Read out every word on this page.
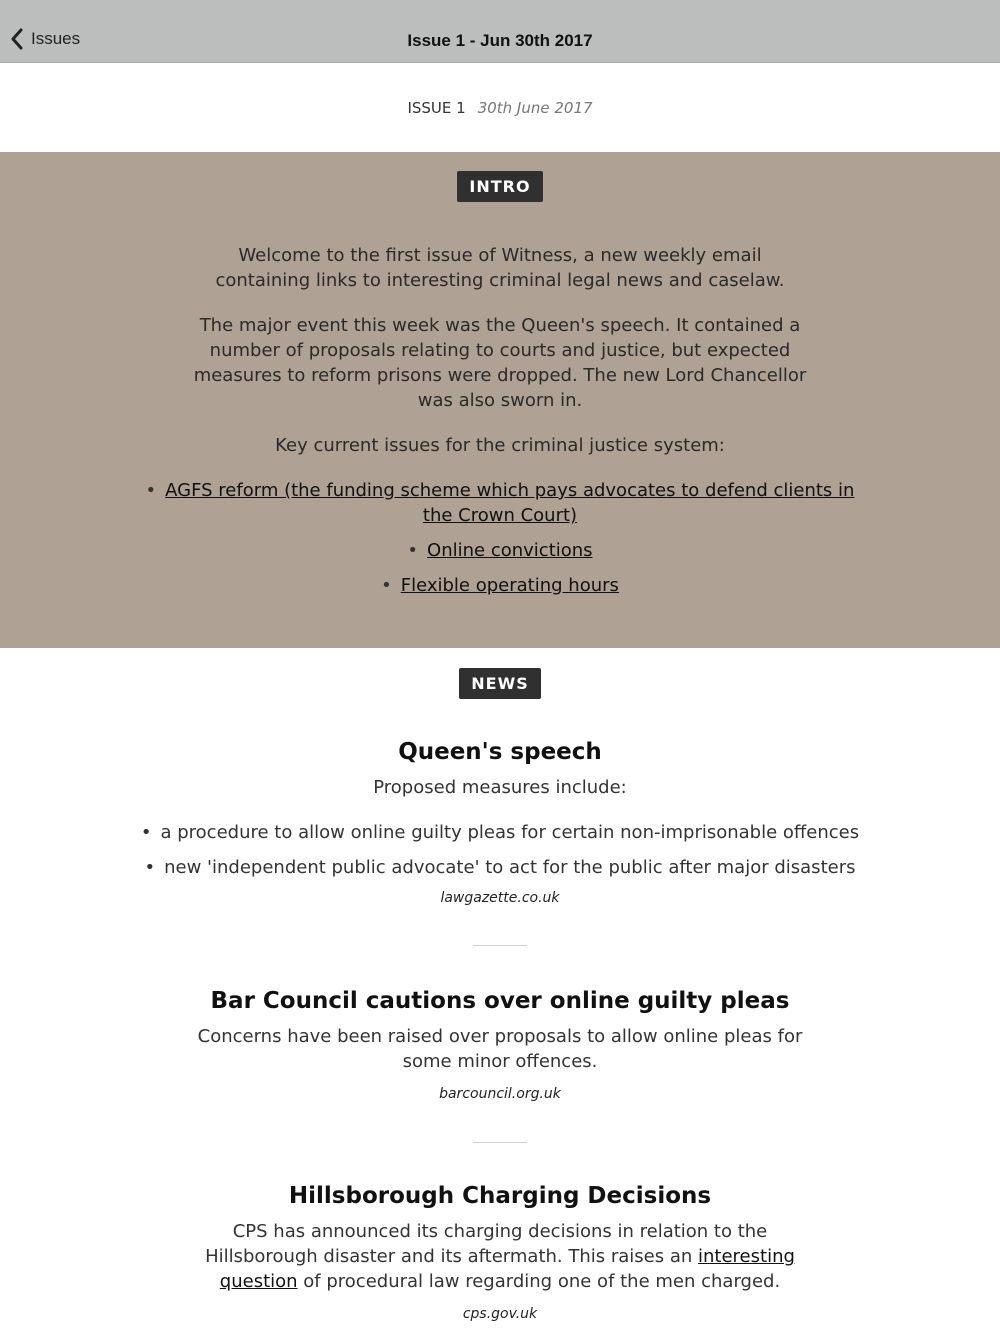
Issues	Issue 1 - Jun 30th 2017
ISSUE 1 30th June 2017
INTRO

Welcome to the first issue of Witness, a new weekly email containing links to interesting criminal legal news and caselaw.

The major event this week was the Queen's speech. It contained a number of proposals relating to courts and justice, but expected measures to reform prisons were dropped. The new Lord Chancellor was also sworn in.

Key current issues for the criminal justice system:

• AGFS reform (the funding scheme which pays advocates to defend clients in the Crown Court)
• Online convictions
• Flexible operating hours
NEWS
Queen's speech

Proposed measures include:

• a procedure to allow online guilty pleas for certain non-imprisonable offences
• new 'independent public advocate' to act for the public after major disasters
lawgazette.co.uk
Bar Council cautions over online guilty pleas

Concerns have been raised over proposals to allow online pleas for some minor offences.

barcouncil.org.uk
Hillsborough Charging Decisions

CPS has announced its charging decisions in relation to the Hillsborough disaster and its aftermath. This raises an interesting question of procedural law regarding one of the men charged.

cps.gov.uk
